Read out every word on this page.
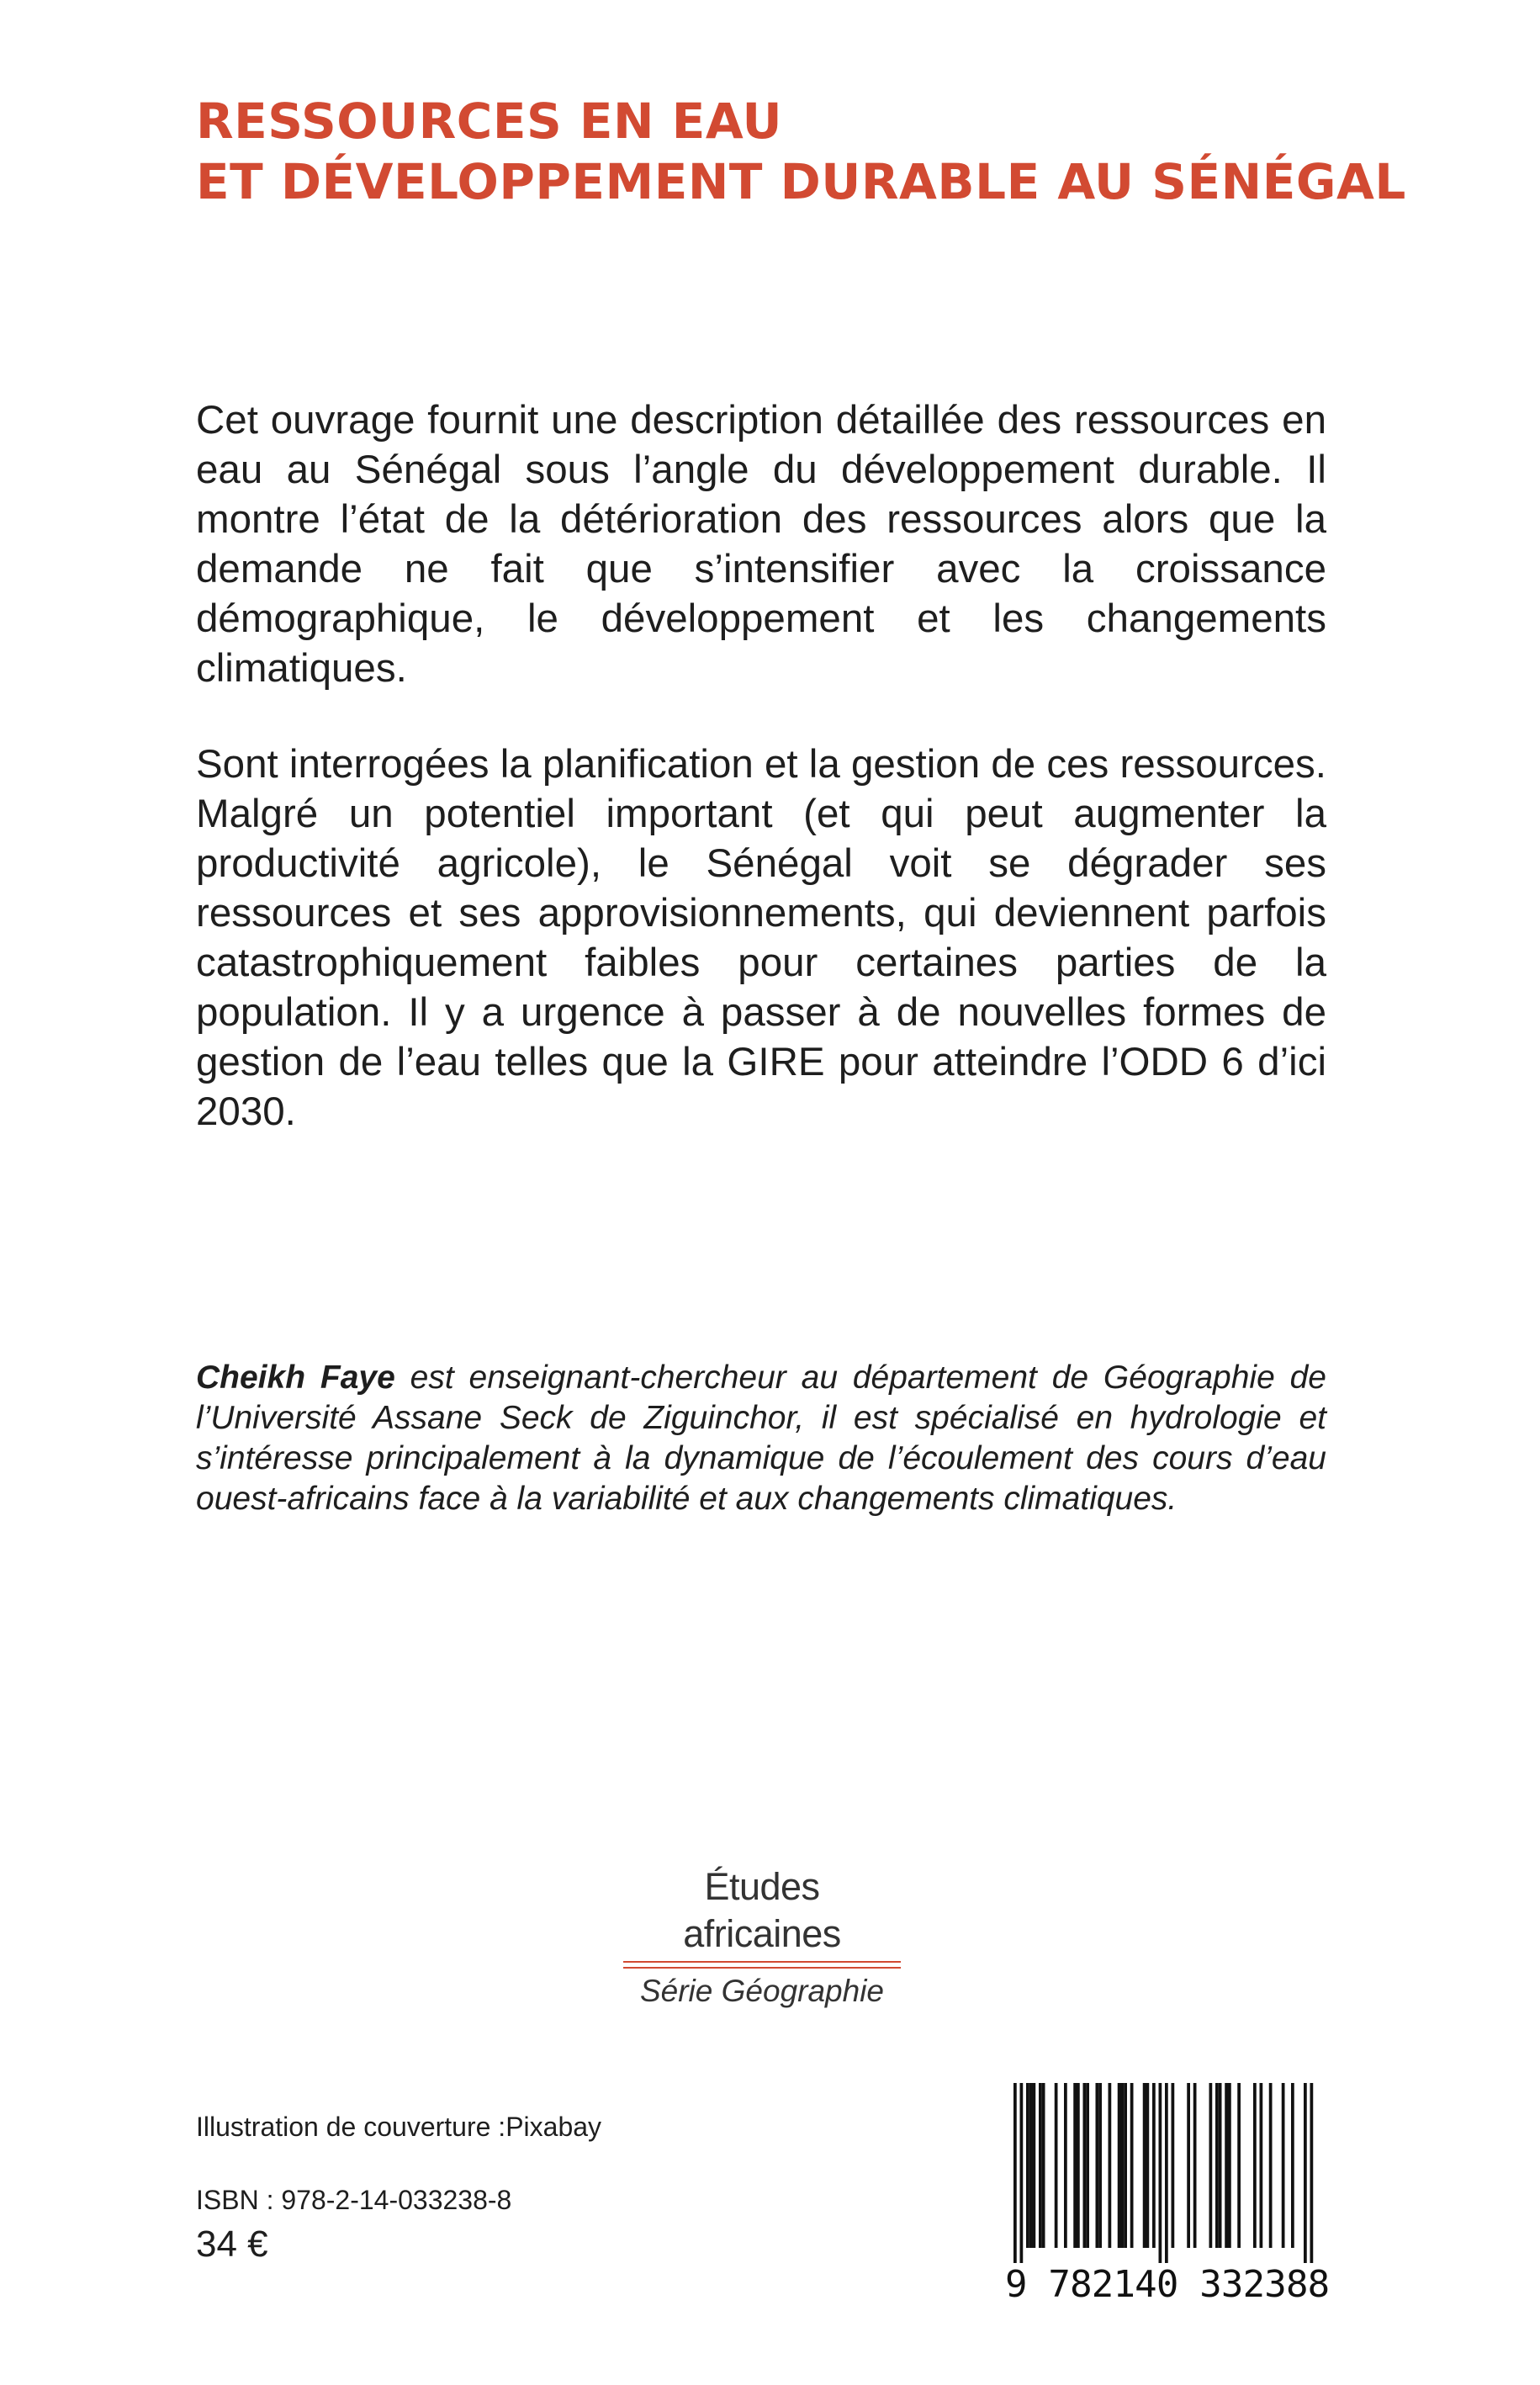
RESSOURCES EN EAU
ET DÉVELOPPEMENT DURABLE AU SÉNÉGAL

Cet ouvrage fournit une description détaillée des ressources en eau au Sénégal sous l’angle du développement durable. Il montre l’état de la détérioration des ressources alors que la demande ne fait que s’intensifier avec la croissance démographique, le développement et les changements climatiques.

Sont interrogées la planification et la gestion de ces ressources. Malgré un potentiel important (et qui peut augmenter la productivité agricole), le Sénégal voit se dégrader ses ressources et ses approvisionnements, qui deviennent parfois catastrophiquement faibles pour certaines parties de la population. Il y a urgence à passer à de nouvelles formes de gestion de l’eau telles que la GIRE pour atteindre l’ODD 6 d’ici 2030.

Cheikh Faye est enseignant-chercheur au département de Géographie de l’Université Assane Seck de Ziguinchor, il est spécialisé en hydrologie et s’intéresse principalement à la dynamique de l’écoulement des cours d’eau ouest-africains face à la variabilité et aux changements climatiques.

Études africaines
Série Géographie

Illustration de couverture :Pixabay

ISBN : 978-2-14-033238-8

34 €

9 782140 332388
